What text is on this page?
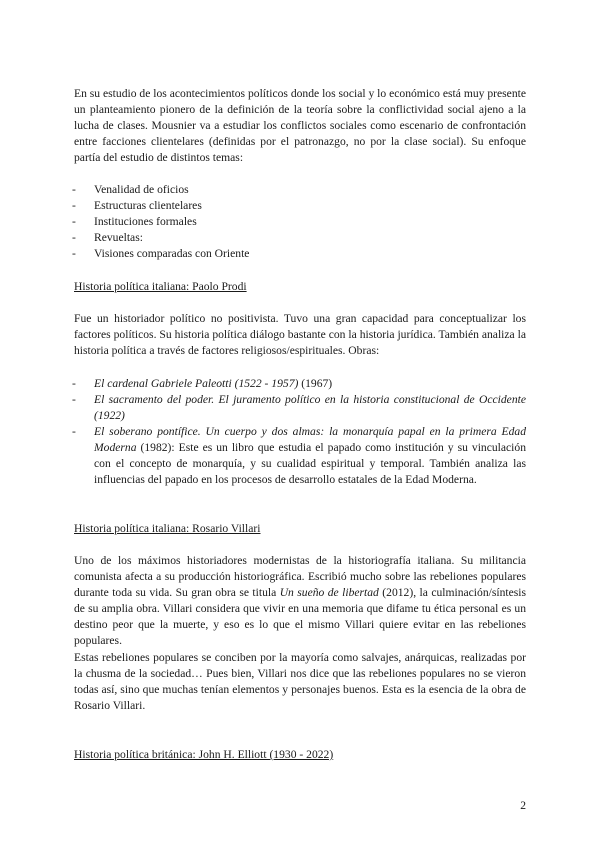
En su estudio de los acontecimientos políticos donde los social y lo económico está muy presente un planteamiento pionero de la definición de la teoría sobre la conflictividad social ajeno a la lucha de clases. Mousnier va a estudiar los conflictos sociales como escenario de confrontación entre facciones clientelares (definidas por el patronazgo, no por la clase social). Su enfoque partía del estudio de distintos temas:

- Venalidad de oficios
- Estructuras clientelares
- Instituciones formales
- Revueltas:
- Visiones comparadas con Oriente

Historia política italiana: Paolo Prodi

Fue un historiador político no positivista. Tuvo una gran capacidad para conceptualizar los factores políticos. Su historia política diálogo bastante con la historia jurídica. También analiza la historia política a través de factores religiosos/espirituales. Obras:

- El cardenal Gabriele Paleotti (1522 - 1957) (1967)
- El sacramento del poder. El juramento político en la historia constitucional de Occidente (1922)
- El soberano pontífice. Un cuerpo y dos almas: la monarquía papal en la primera Edad Moderna (1982): Este es un libro que estudia el papado como institución y su vinculación con el concepto de monarquía, y su cualidad espiritual y temporal. También analiza las influencias del papado en los procesos de desarrollo estatales de la Edad Moderna.

Historia política italiana: Rosario Villari

Uno de los máximos historiadores modernistas de la historiografía italiana. Su militancia comunista afecta a su producción historiográfica. Escribió mucho sobre las rebeliones populares durante toda su vida. Su gran obra se titula Un sueño de libertad (2012), la culminación/síntesis de su amplia obra. Villari considera que vivir en una memoria que difame tu ética personal es un destino peor que la muerte, y eso es lo que el mismo Villari quiere evitar en las rebeliones populares.

Estas rebeliones populares se conciben por la mayoría como salvajes, anárquicas, realizadas por la chusma de la sociedad… Pues bien, Villari nos dice que las rebeliones populares no se vieron todas así, sino que muchas tenían elementos y personajes buenos. Esta es la esencia de la obra de Rosario Villari.

Historia política británica: John H. Elliott (1930 - 2022)

2
